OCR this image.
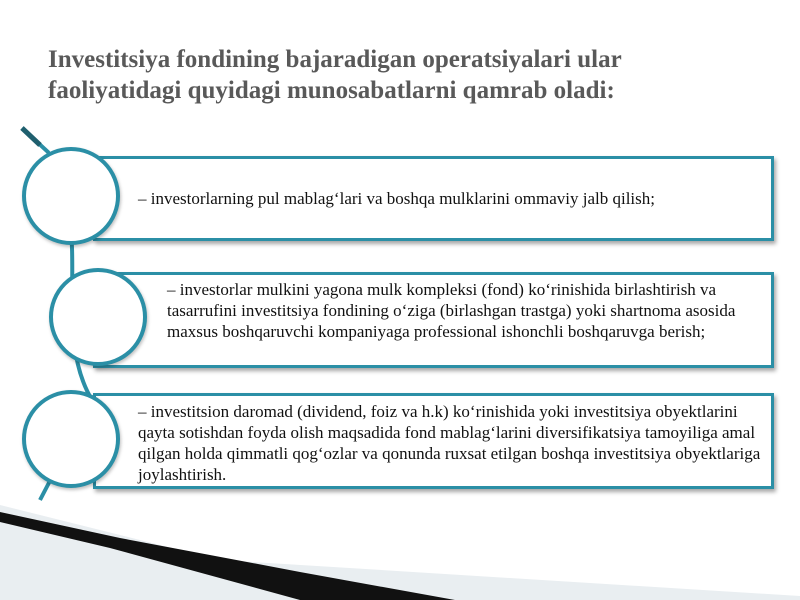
Investitsiya fondining bajaradigan operatsiyalari ular faoliyatidagi quyidagi munosabatlarni qamrab oladi:

– investorlarning pul mablag‘lari va boshqa mulklarini ommaviy jalb qilish;

– investorlar mulkini yagona mulk kompleksi (fond) ko‘rinishida birlashtirish va tasarrufini investitsiya fondining o‘ziga (birlashgan trastga) yoki shartnoma asosida maxsus boshqaruvchi kompaniyaga professional ishonchli boshqaruvga berish;

– investitsion daromad (dividend, foiz va h.k) ko‘rinishida yoki investitsiya obyektlarini qayta sotishdan foyda olish maqsadida fond mablag‘larini diversifikatsiya tamoyiliga amal qilgan holda qimmatli qog‘ozlar va qonunda ruxsat etilgan boshqa investitsiya obyektlariga joylashtirish.
